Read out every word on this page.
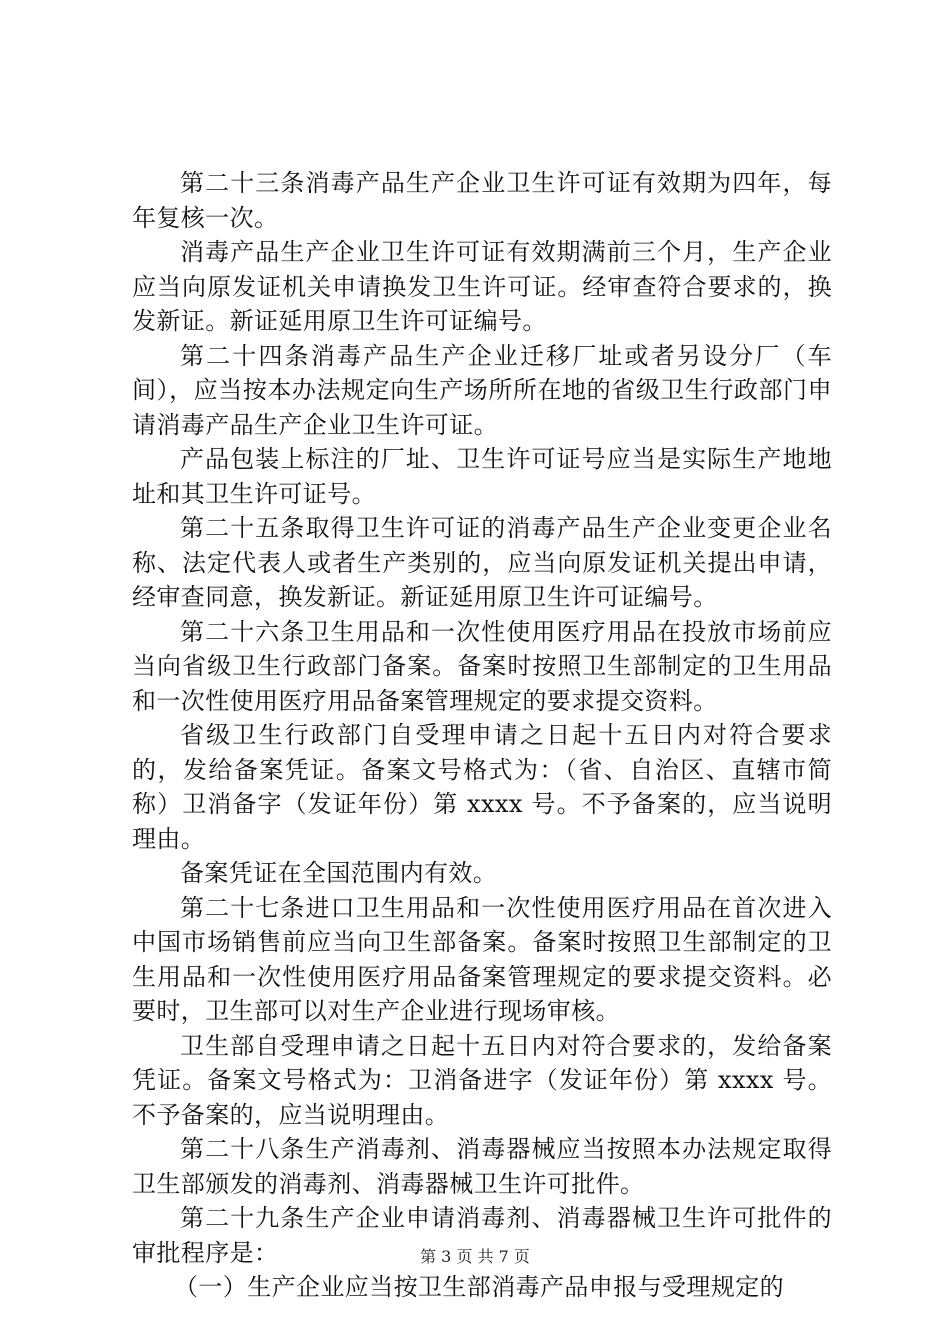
第二十三条消毒产品生产企业卫生许可证有效期为四年，每年复核一次。

消毒产品生产企业卫生许可证有效期满前三个月，生产企业应当向原发证机关申请换发卫生许可证。经审查符合要求的，换发新证。新证延用原卫生许可证编号。

第二十四条消毒产品生产企业迁移厂址或者另设分厂（车间），应当按本办法规定向生产场所所在地的省级卫生行政部门申请消毒产品生产企业卫生许可证。

产品包装上标注的厂址、卫生许可证号应当是实际生产地地址和其卫生许可证号。

第二十五条取得卫生许可证的消毒产品生产企业变更企业名称、法定代表人或者生产类别的，应当向原发证机关提出申请，经审查同意，换发新证。新证延用原卫生许可证编号。

第二十六条卫生用品和一次性使用医疗用品在投放市场前应当向省级卫生行政部门备案。备案时按照卫生部制定的卫生用品和一次性使用医疗用品备案管理规定的要求提交资料。

省级卫生行政部门自受理申请之日起十五日内对符合要求的，发给备案凭证。备案文号格式为：（省、自治区、直辖市简称）卫消备字（发证年份）第 xxxx 号。不予备案的，应当说明理由。

备案凭证在全国范围内有效。

第二十七条进口卫生用品和一次性使用医疗用品在首次进入中国市场销售前应当向卫生部备案。备案时按照卫生部制定的卫生用品和一次性使用医疗用品备案管理规定的要求提交资料。必要时，卫生部可以对生产企业进行现场审核。

卫生部自受理申请之日起十五日内对符合要求的，发给备案凭证。备案文号格式为：卫消备进字（发证年份）第 xxxx 号。不予备案的，应当说明理由。

第二十八条生产消毒剂、消毒器械应当按照本办法规定取得卫生部颁发的消毒剂、消毒器械卫生许可批件。

第二十九条生产企业申请消毒剂、消毒器械卫生许可批件的审批程序是：

（一）生产企业应当按卫生部消毒产品申报与受理规定的

第 3 页 共 7 页
